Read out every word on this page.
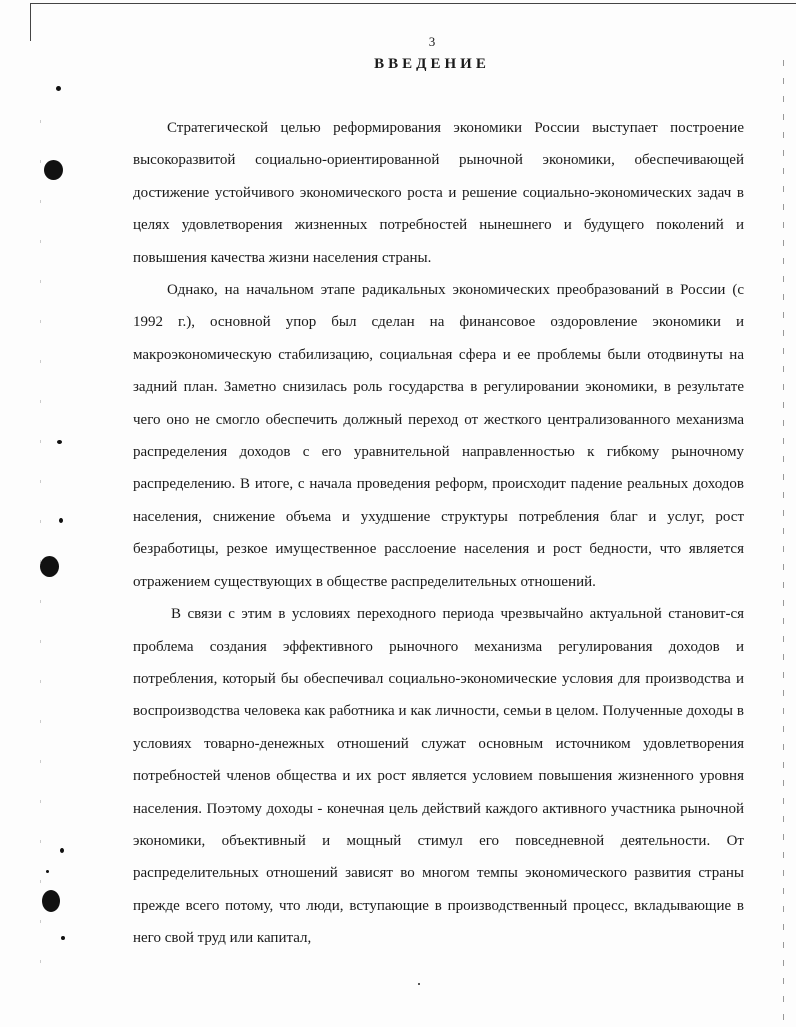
3
ВВЕДЕНИЕ

Стратегической целью реформирования экономики России выступает построение высокоразвитой социально-ориентированной рыночной экономики, обеспечивающей достижение устойчивого экономического роста и решение социально-экономических задач в целях удовлетворения жизненных потребностей нынешнего и будущего поколений и повышения качества жизни населения страны.

Однако, на начальном этапе радикальных экономических преобразований в России (с 1992 г.), основной упор был сделан на финансовое оздоровление экономики и макроэкономическую стабилизацию, социальная сфера и ее проблемы были отодвинуты на задний план. Заметно снизилась роль государства в регулировании экономики, в результате чего оно не смогло обеспечить должный переход от жесткого централизованного механизма распределения доходов с его уравнительной направленностью к гибкому рыночному распределению. В итоге, с начала проведения реформ, происходит падение реальных доходов населения, снижение объема и ухудшение структуры потребления благ и услуг, рост безработицы, резкое имущественное расслоение населения и рост бедности, что является отражением существующих в обществе распределительных отношений.

В связи с этим в условиях переходного периода чрезвычайно актуальной становит-ся проблема создания эффективного рыночного механизма регулирования доходов и потребления, который бы обеспечивал социально-экономические условия для производства и воспроизводства человека как работника и как личности, семьи в целом. Полученные доходы в условиях товарно-денежных отношений служат основным источником удовлетворения потребностей членов общества и их рост является условием повышения жизненного уровня населения. Поэтому доходы - конечная цель действий каждого активного участника рыночной экономики, объективный и мощный стимул его повседневной деятельности. От распределительных отношений зависят во многом темпы экономического развития страны прежде всего потому, что люди, вступающие в производственный процесс, вкладывающие в него свой труд или капитал,
